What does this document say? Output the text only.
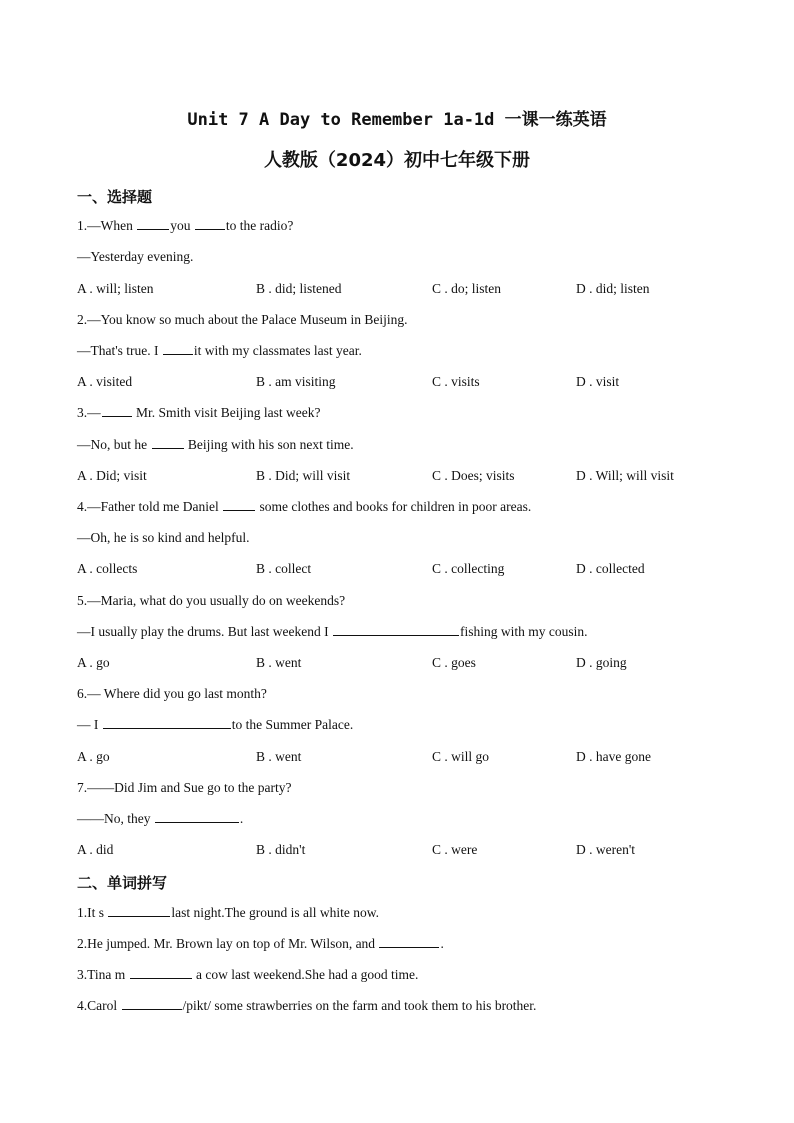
Unit 7 A Day to Remember 1a-1d 一课一练英语
人教版（2024）初中七年级下册
一、选择题
1.—When	you to the radio?
—Yesterday evening.
A . will; listen	B . did; listened	C . do; listen	D . did; listen
2.—You know so much about the Palace Museum in Beijing.
—That's true. I it with my classmates last year.
A . visited	B . am visiting	C . visits	D . visit
3.— Mr. Smith visit Beijing last week?
—No, but he	Beijing with his son next time.
A . Did; visit	B . Did; will visit	C . Does; visits	D . Will; will visit
4.—Father told me Daniel	some clothes and books for children in poor areas.
—Oh, he is so kind and helpful.
A . collects	B . collect	C . collecting	D . collected
5.—Maria, what do you usually do on weekends?
—I usually play the drums. But last weekend I	fishing with my cousin.
A . go	B . went	C . goes	D . going
6.— Where did you go last month?
— I	to the Summer Palace.
A . go	B . went	C . will go	D . have gone
7.——Did Jim and Sue go to the party?
——No, they	.
A . did	B . didn't	C . were	D . weren't
二、单词拼写
1.It s	last night.The ground is all white now.
2.He jumped. Mr. Brown lay on top of Mr. Wilson, and	.
3.Tina m	a cow last weekend.She had a good time.
4.Carol	/pikt/ some strawberries on the farm and took them to his brother.
